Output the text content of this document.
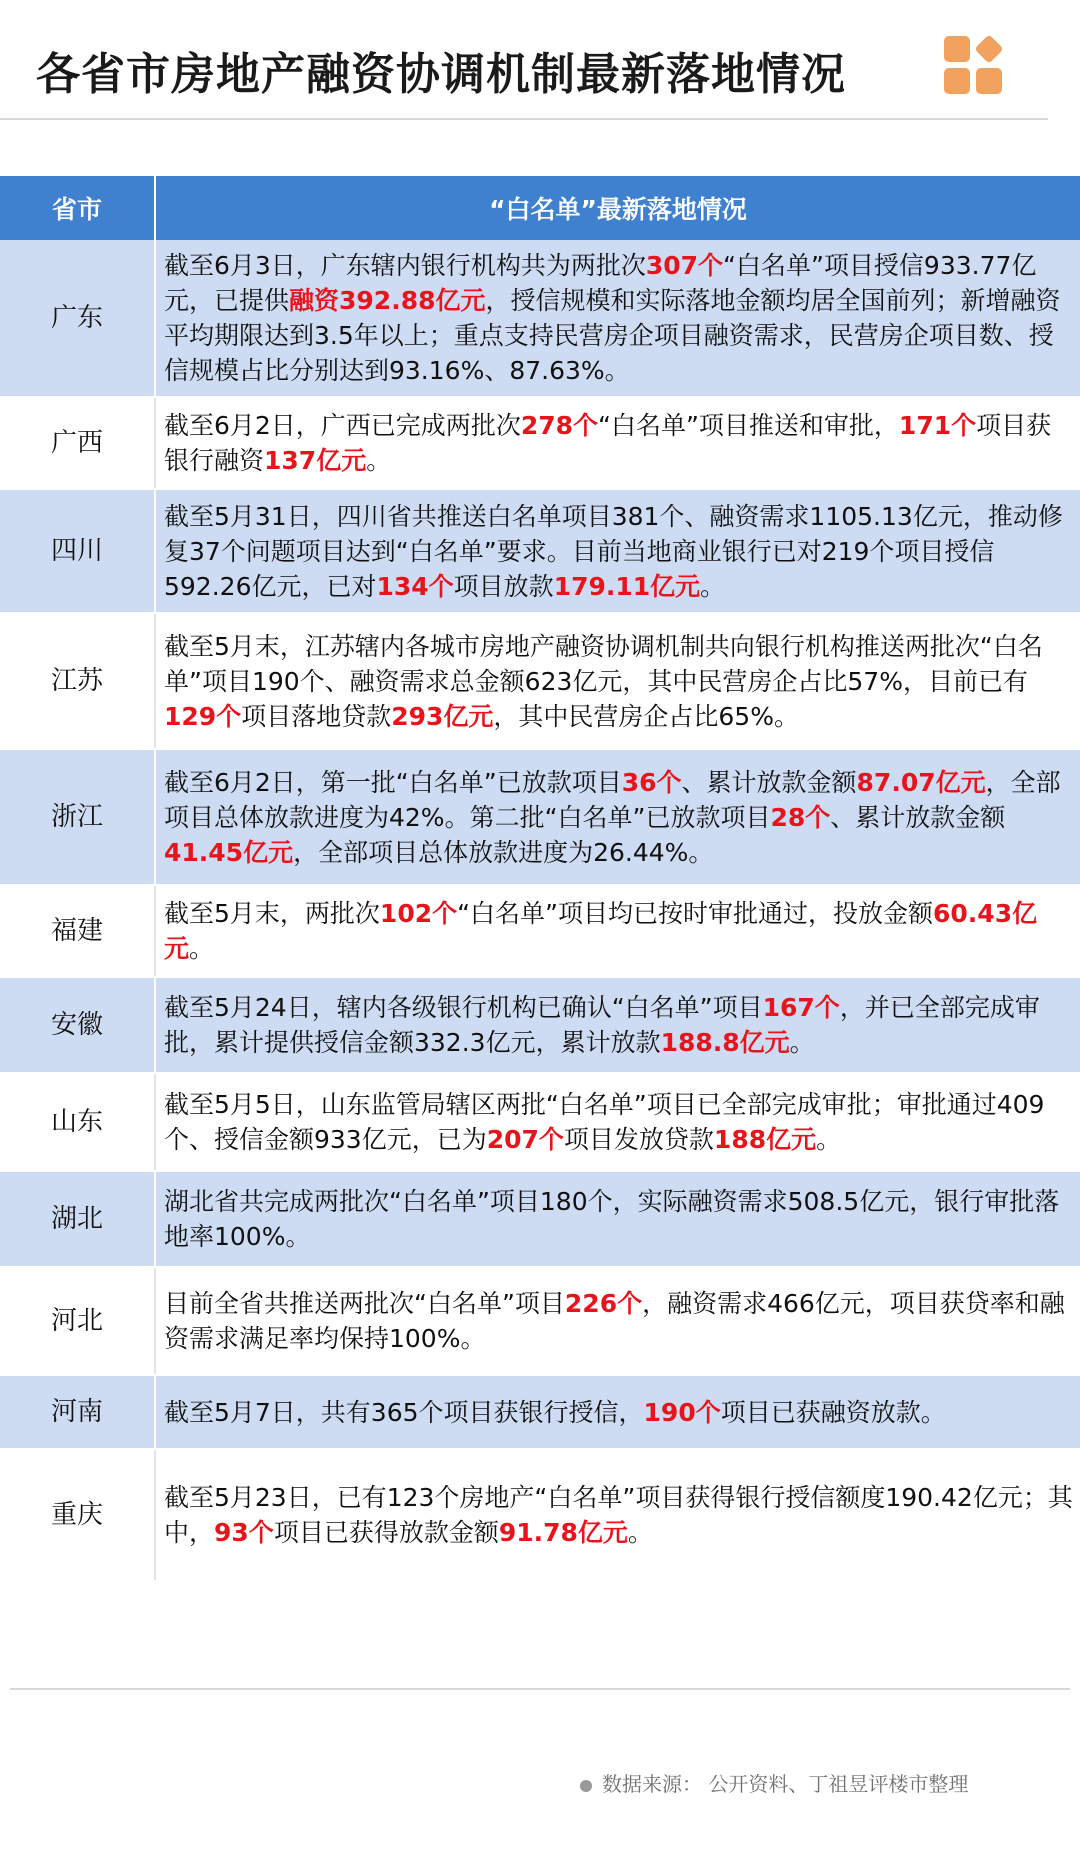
各省市房地产融资协调机制最新落地情况
省市	“白名单”最新落地情况
广东	截至6月3日，广东辖内银行机构共为两批次307个“白名单”项目授信933.77亿元，已提供融资392.88亿元，授信规模和实际落地金额均居全国前列；新增融资平均期限达到3.5年以上；重点支持民营房企项目融资需求，民营房企项目数、授信规模占比分别达到93.16%、87.63%。
广西	截至6月2日，广西已完成两批次278个“白名单”项目推送和审批，171个项目获银行融资137亿元。
四川	截至5月31日，四川省共推送白名单项目381个、融资需求1105.13亿元，推动修复37个问题项目达到“白名单”要求。目前当地商业银行已对219个项目授信592.26亿元，已对134个项目放款179.11亿元。
江苏	截至5月末，江苏辖内各城市房地产融资协调机制共向银行机构推送两批次“白名单”项目190个、融资需求总金额623亿元，其中民营房企占比57%，目前已有129个项目落地贷款293亿元，其中民营房企占比65%。
浙江	截至6月2日，第一批“白名单”已放款项目36个、累计放款金额87.07亿元，全部项目总体放款进度为42%。第二批“白名单”已放款项目28个、累计放款金额41.45亿元，全部项目总体放款进度为26.44%。
福建	截至5月末，两批次102个“白名单”项目均已按时审批通过，投放金额60.43亿元。
安徽	截至5月24日，辖内各级银行机构已确认“白名单”项目167个，并已全部完成审批，累计提供授信金额332.3亿元，累计放款188.8亿元。
山东	截至5月5日，山东监管局辖区两批“白名单”项目已全部完成审批；审批通过409个、授信金额933亿元，已为207个项目发放贷款188亿元。
湖北	湖北省共完成两批次“白名单”项目180个，实际融资需求508.5亿元，银行审批落地率100%。
河北	目前全省共推送两批次“白名单”项目226个，融资需求466亿元，项目获贷率和融资需求满足率均保持100%。
河南	截至5月7日，共有365个项目获银行授信，190个项目已获融资放款。
重庆	截至5月23日，已有123个房地产“白名单”项目获得银行授信额度190.42亿元；其中，93个项目已获得放款金额91.78亿元。
数据来源： 公开资料、丁祖昱评楼市整理
